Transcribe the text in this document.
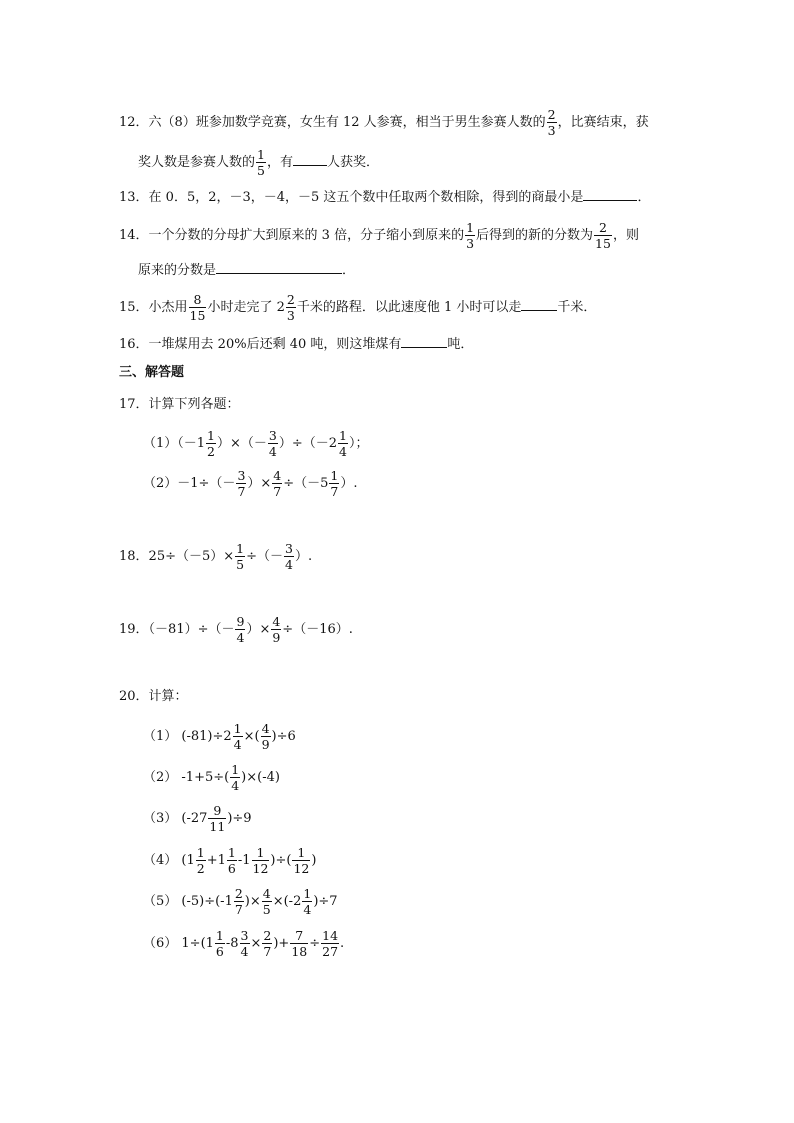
12．六（8）班参加数学竞赛，女生有 12 人参赛，相当于男生参赛人数的 $\frac{2}{3}$ ，比赛结束，获
奖人数是参赛人数的 $\frac{1}{5}$ ，有	人获奖．
13．在 0．5，2，－3，－4，－5 这五个数中任取两个数相除，得到的商最小是	．
14．一个分数的分母扩大到原来的 3 倍，分子缩小到原来的 $\frac{1}{3}$ 后得到的新的分数为 $\frac{2}{15}$ ，则
原来的分数是	．
15．小杰用 $\frac{8}{15}$ 小时走完了 $2 \frac{2}{3}$ 千米的路程．以此速度他 1 小时可以走	千米．
16．一堆煤用去 20%后还剩 40 吨，则这堆煤有	吨．
三、解答题
17．计算下列各题：
$(1)(-1 \frac{1}{2}$ ）×（－ $\frac{3}{4} )\div(-2 \frac{1}{4}$ ）；
$(2)-1\div(- \frac{3}{7}$ ）× $\frac{4}{7} \div(-5 \frac{1}{7}$ ）.
18．$25\div(-5)\times \frac{1}{5}$ ÷（－ $\frac{3}{4}$ ）.
19．$(-81)\div(- \frac{9}{4}$ ）× $\frac{4}{9} \div(-16)$.
20．计算：
（1） $(-81)\div 2 \frac{1}{4}$ ×( $\frac{4}{9} )\div 6$
（2） $-1+5\div( \frac{1}{4} )\times(-4)$
（3） $(-27 \frac{9}{11} )\div 9$
（4） ($1 \frac{1}{2} +1 \frac{1}{6} -1 \frac{1}{12}$ )÷( $\frac{1}{12}$ )
（5） $(-5)\div(-1 \frac{2}{7}$ )× $\frac{4}{5} \times(-2 \frac{1}{4} )\div 7$
（6） $1\div(1 \frac{1}{6} -8 \frac{3}{4} \times \frac{2}{7}$ )+ $\frac{7}{18} \div \frac{14}{27}$ .
